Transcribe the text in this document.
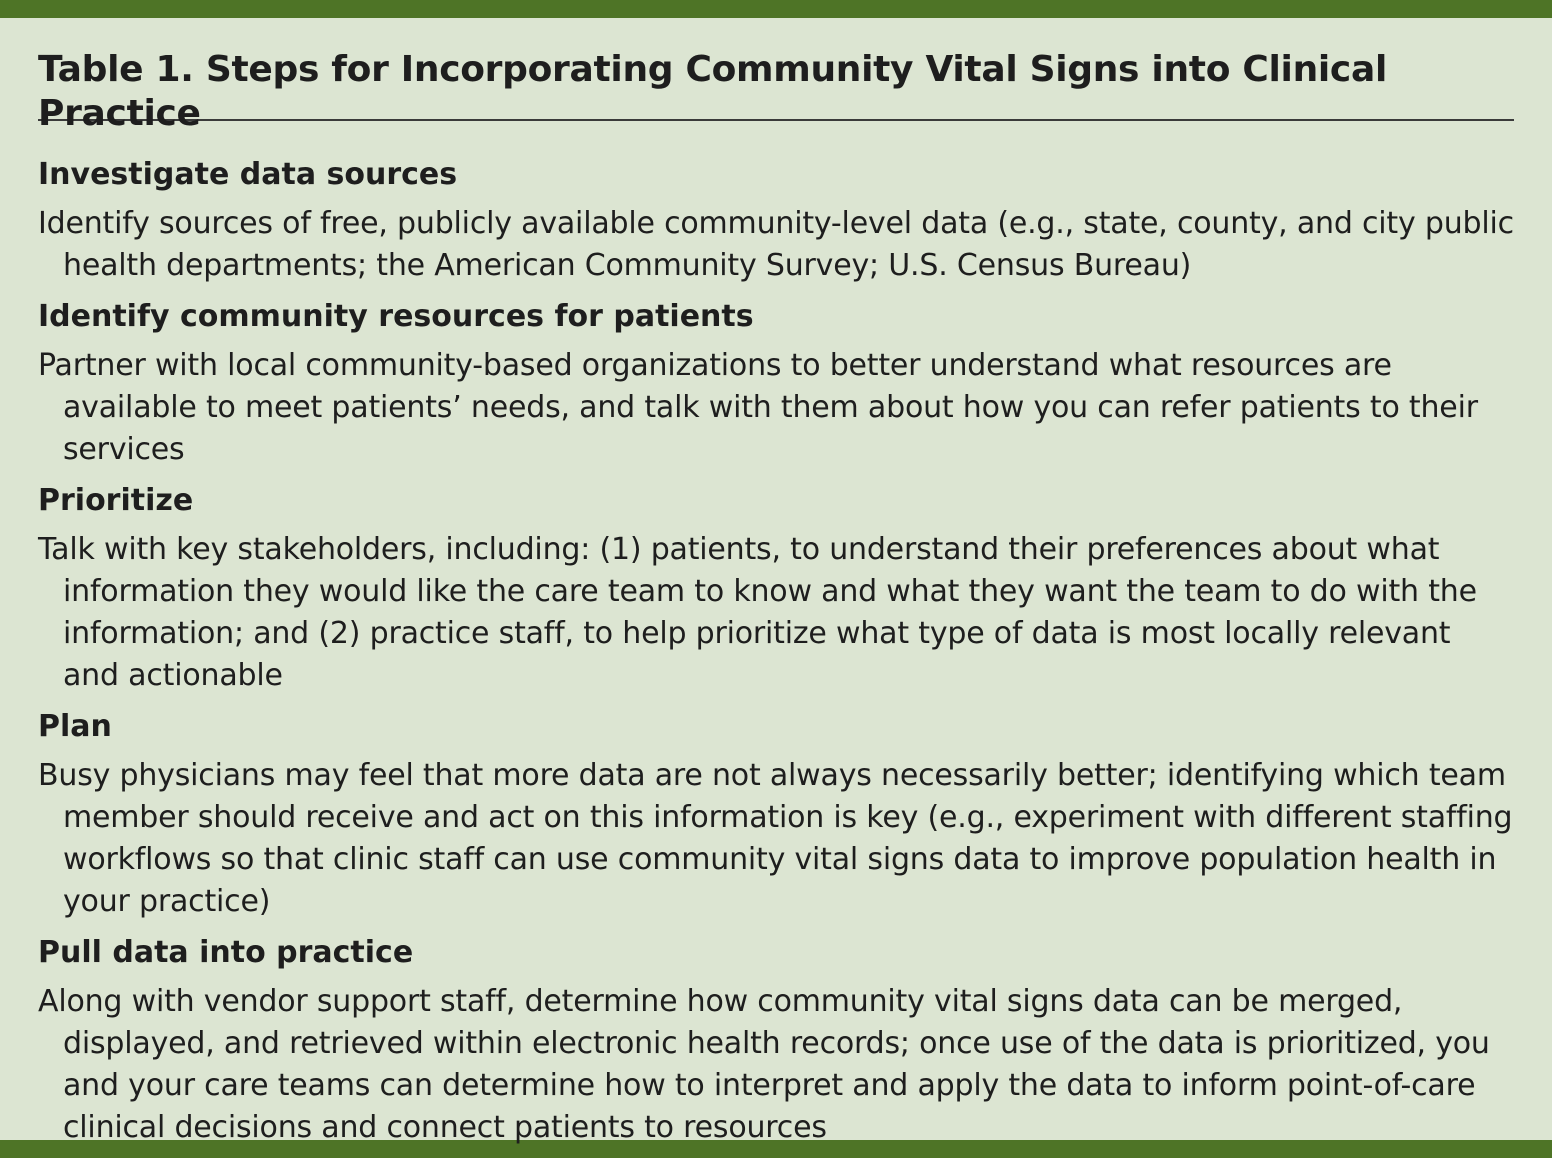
Table 1. Steps for Incorporating Community Vital Signs into Clinical Practice
Investigate data sources

Identify sources of free, publicly available community-level data (e.g., state, county, and city public health departments; the American Community Survey; U.S. Census Bureau)

Identify community resources for patients

Partner with local community-based organizations to better understand what resources are available to meet patients’ needs, and talk with them about how you can refer patients to their services

Prioritize

Talk with key stakeholders, including: (1) patients, to understand their preferences about what information they would like the care team to know and what they want the team to do with the information; and (2) practice staff, to help prioritize what type of data is most locally relevant and actionable

Plan

Busy physicians may feel that more data are not always necessarily better; identifying which team member should receive and act on this information is key (e.g., experiment with different staffing workflows so that clinic staff can use community vital signs data to improve population health in your practice)

Pull data into practice

Along with vendor support staff, determine how community vital signs data can be merged, displayed, and retrieved within electronic health records; once use of the data is prioritized, you and your care teams can determine how to interpret and apply the data to inform point-of-care clinical decisions and connect patients to resources
